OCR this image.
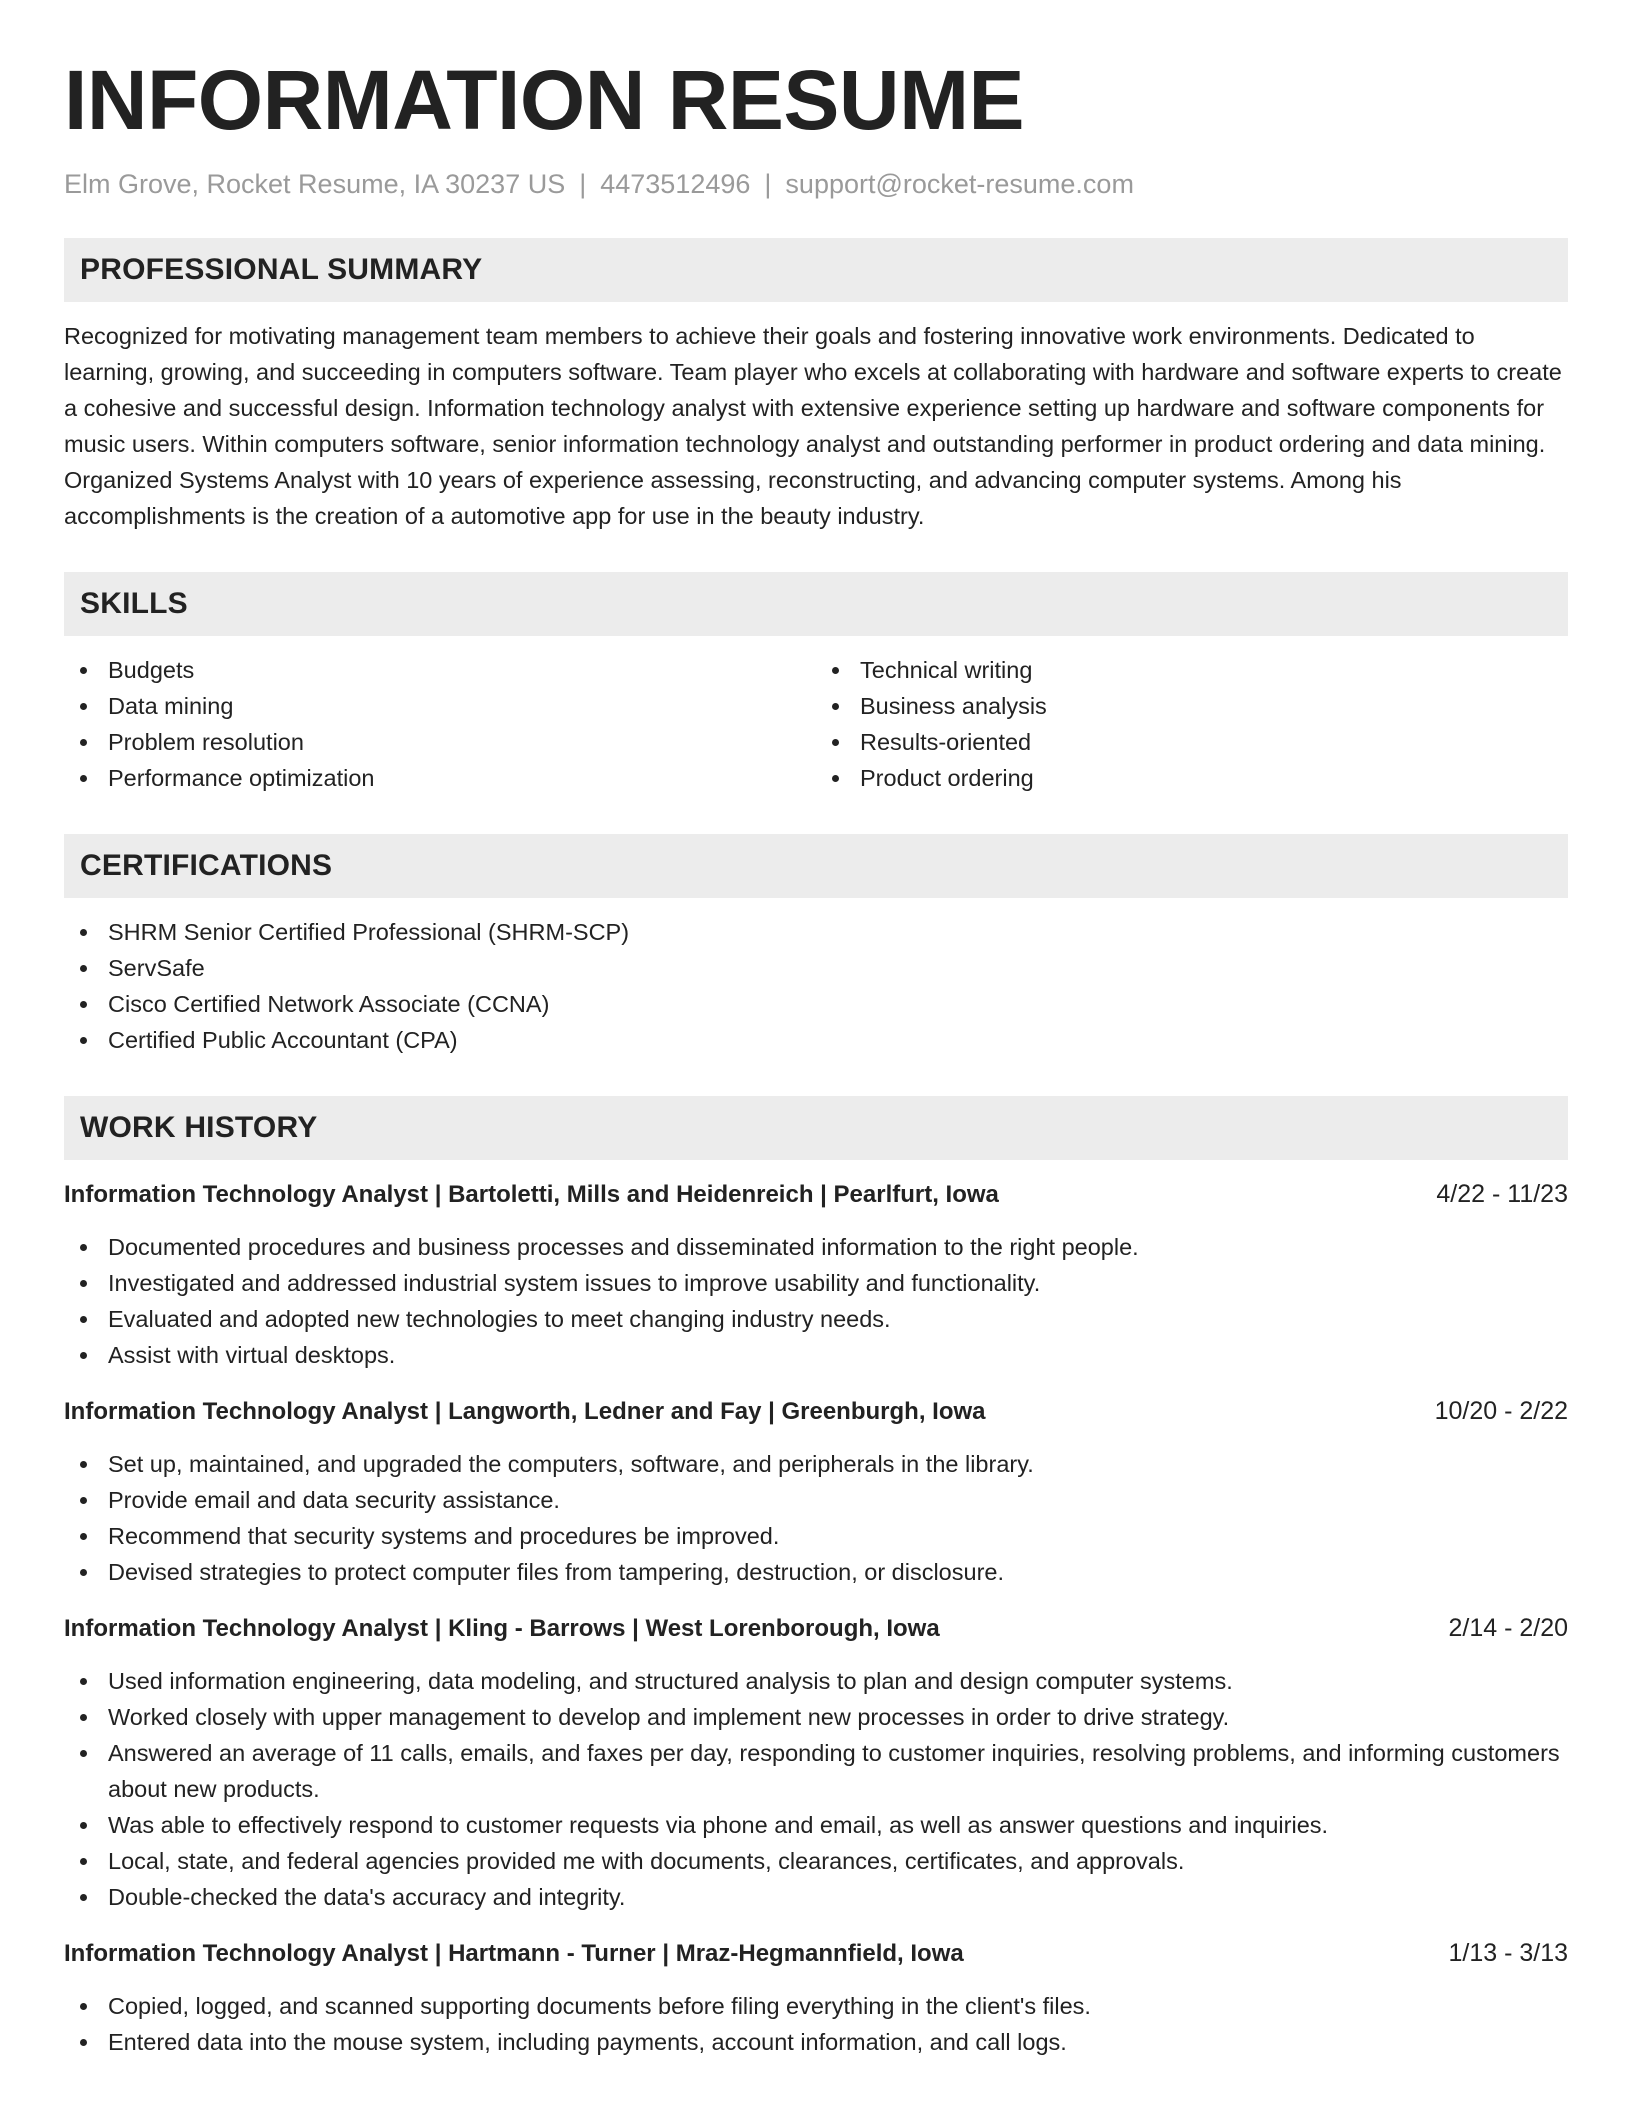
INFORMATION RESUME
Elm Grove, Rocket Resume, IA 30237 US | 4473512496 | support@rocket-resume.com
PROFESSIONAL SUMMARY

Recognized for motivating management team members to achieve their goals and fostering innovative work environments. Dedicated to learning, growing, and succeeding in computers software. Team player who excels at collaborating with hardware and software experts to create a cohesive and successful design. Information technology analyst with extensive experience setting up hardware and software components for music users. Within computers software, senior information technology analyst and outstanding performer in product ordering and data mining. Organized Systems Analyst with 10 years of experience assessing, reconstructing, and advancing computer systems. Among his accomplishments is the creation of a automotive app for use in the beauty industry.

SKILLS
Budgets
Data mining
Problem resolution
Performance optimization
Technical writing
Business analysis
Results-oriented
Product ordering
CERTIFICATIONS
SHRM Senior Certified Professional (SHRM-SCP)
ServSafe
Cisco Certified Network Associate (CCNA)
Certified Public Accountant (CPA)
WORK HISTORY
Information Technology Analyst | Bartoletti, Mills and Heidenreich | Pearlfurt, Iowa	4/22 - 11/23
Documented procedures and business processes and disseminated information to the right people.
Investigated and addressed industrial system issues to improve usability and functionality.
Evaluated and adopted new technologies to meet changing industry needs.
Assist with virtual desktops.
Information Technology Analyst | Langworth, Ledner and Fay | Greenburgh, Iowa	10/20 - 2/22
Set up, maintained, and upgraded the computers, software, and peripherals in the library.
Provide email and data security assistance.
Recommend that security systems and procedures be improved.
Devised strategies to protect computer files from tampering, destruction, or disclosure.
Information Technology Analyst | Kling - Barrows | West Lorenborough, Iowa	2/14 - 2/20
Used information engineering, data modeling, and structured analysis to plan and design computer systems.
Worked closely with upper management to develop and implement new processes in order to drive strategy.
Answered an average of 11 calls, emails, and faxes per day, responding to customer inquiries, resolving problems, and informing customers about new products.
Was able to effectively respond to customer requests via phone and email, as well as answer questions and inquiries.
Local, state, and federal agencies provided me with documents, clearances, certificates, and approvals.
Double-checked the data's accuracy and integrity.
Information Technology Analyst | Hartmann - Turner | Mraz-Hegmannfield, Iowa	1/13 - 3/13
Copied, logged, and scanned supporting documents before filing everything in the client's files.
Entered data into the mouse system, including payments, account information, and call logs.
